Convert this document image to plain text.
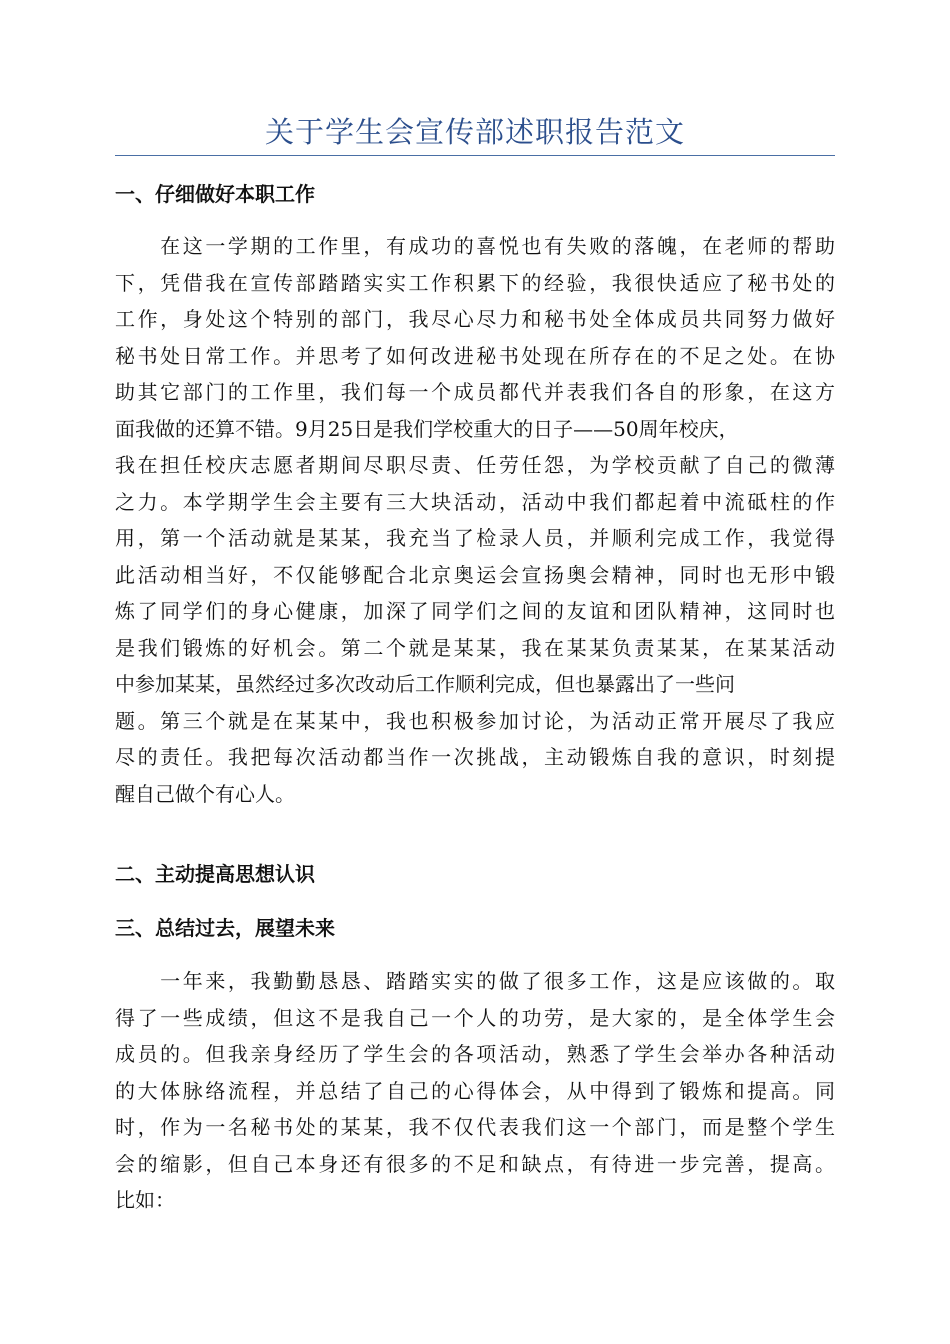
关于学生会宣传部述职报告范文
一、仔细做好本职工作
　　在这一学期的工作里，有成功的喜悦也有失败的落魄，在老师的帮助
下，凭借我在宣传部踏踏实实工作积累下的经验，我很快适应了秘书处的
工作，身处这个特别的部门，我尽心尽力和秘书处全体成员共同努力做好
秘书处日常工作。并思考了如何改进秘书处现在所存在的不足之处。在协
助其它部门的工作里，我们每一个成员都代并表我们各自的形象，在这方
面我做的还算不错。9月25日是我们学校重大的日子——50周年校庆，
我在担任校庆志愿者期间尽职尽责、任劳任怨，为学校贡献了自己的微薄
之力。本学期学生会主要有三大块活动，活动中我们都起着中流砥柱的作
用，第一个活动就是某某，我充当了检录人员，并顺利完成工作，我觉得
此活动相当好，不仅能够配合北京奥运会宣扬奥会精神，同时也无形中锻
炼了同学们的身心健康，加深了同学们之间的友谊和团队精神，这同时也
是我们锻炼的好机会。第二个就是某某，我在某某负责某某，在某某活动
中参加某某，虽然经过多次改动后工作顺利完成，但也暴露出了一些问
题。第三个就是在某某中，我也积极参加讨论，为活动正常开展尽了我应
尽的责任。我把每次活动都当作一次挑战，主动锻炼自我的意识，时刻提
醒自己做个有心人。
二、主动提高思想认识
三、总结过去，展望未来
　　一年来，我勤勤恳恳、踏踏实实的做了很多工作，这是应该做的。取
得了一些成绩，但这不是我自己一个人的功劳，是大家的，是全体学生会
成员的。但我亲身经历了学生会的各项活动，熟悉了学生会举办各种活动
的大体脉络流程，并总结了自己的心得体会，从中得到了锻炼和提高。同
时，作为一名秘书处的某某，我不仅代表我们这一个部门，而是整个学生
会的缩影，但自己本身还有很多的不足和缺点，有待进一步完善，提高。
比如：
